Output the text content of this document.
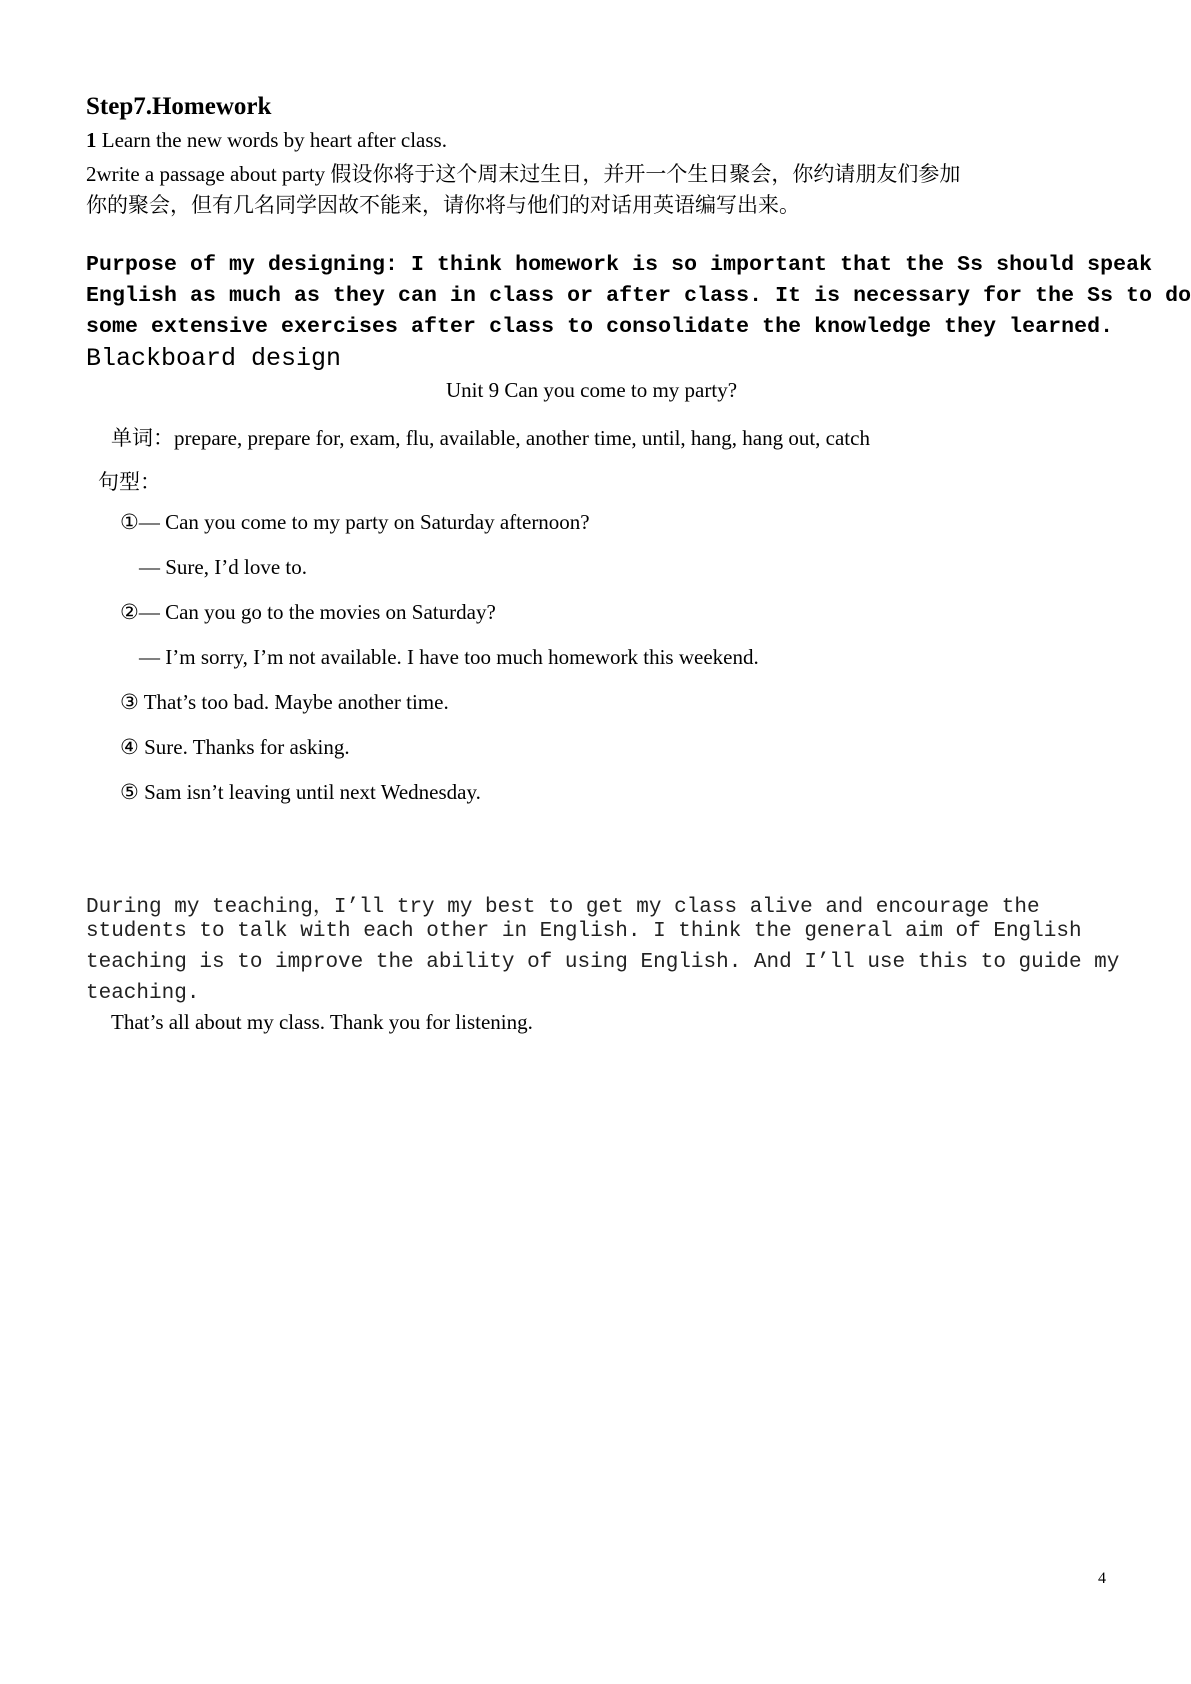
Step7.Homework
1 Learn the new words by heart after class.
2write a passage about party 假设你将于这个周末过生日，并开一个生日聚会，你约请朋友们参加
你的聚会，但有几名同学因故不能来，请你将与他们的对话用英语编写出来。
Purpose of my designing: I think homework is so important that the Ss should speak
English as much as they can in class or after class. It is necessary for the Ss to do
some extensive exercises after class to consolidate the knowledge they learned.
Blackboard design
Unit 9 Can you come to my party?
单词：prepare, prepare for, exam, flu, available, another time, until, hang, hang out, catch
句型：
①— Can you come to my party on Saturday afternoon?
— Sure, I’d love to.
②— Can you go to the movies on Saturday?
— I’m sorry, I’m not available. I have too much homework this weekend.
③ That’s too bad. Maybe another time.
④ Sure. Thanks for asking.
⑤ Sam isn’t leaving until next Wednesday.
During my teaching，I’ll try my best to get my class alive and encourage the
students to talk with each other in English. I think the general aim of English
teaching is to improve the ability of using English. And I’ll use this to guide my
teaching.
That’s all about my class. Thank you for listening.
4
